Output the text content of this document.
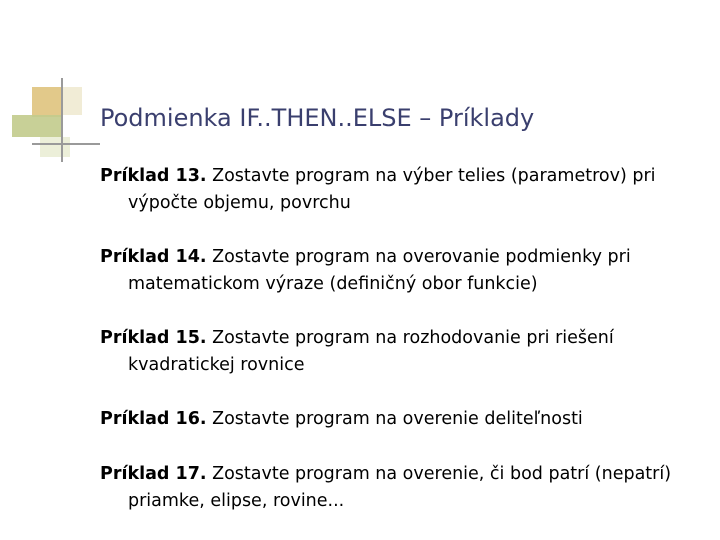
Podmienka IF..THEN..ELSE – Príklady
Príklad 13. Zostavte program na výber telies (parametrov) pri výpočte objemu, povrchu
Príklad 14. Zostavte program na overovanie podmienky pri matematickom výraze (definičný obor funkcie)
Príklad 15. Zostavte program na rozhodovanie pri riešení kvadratickej rovnice
Príklad 16. Zostavte program na overenie deliteľnosti
Príklad 17. Zostavte program na overenie, či bod patrí (nepatrí) priamke, elipse, rovine...
